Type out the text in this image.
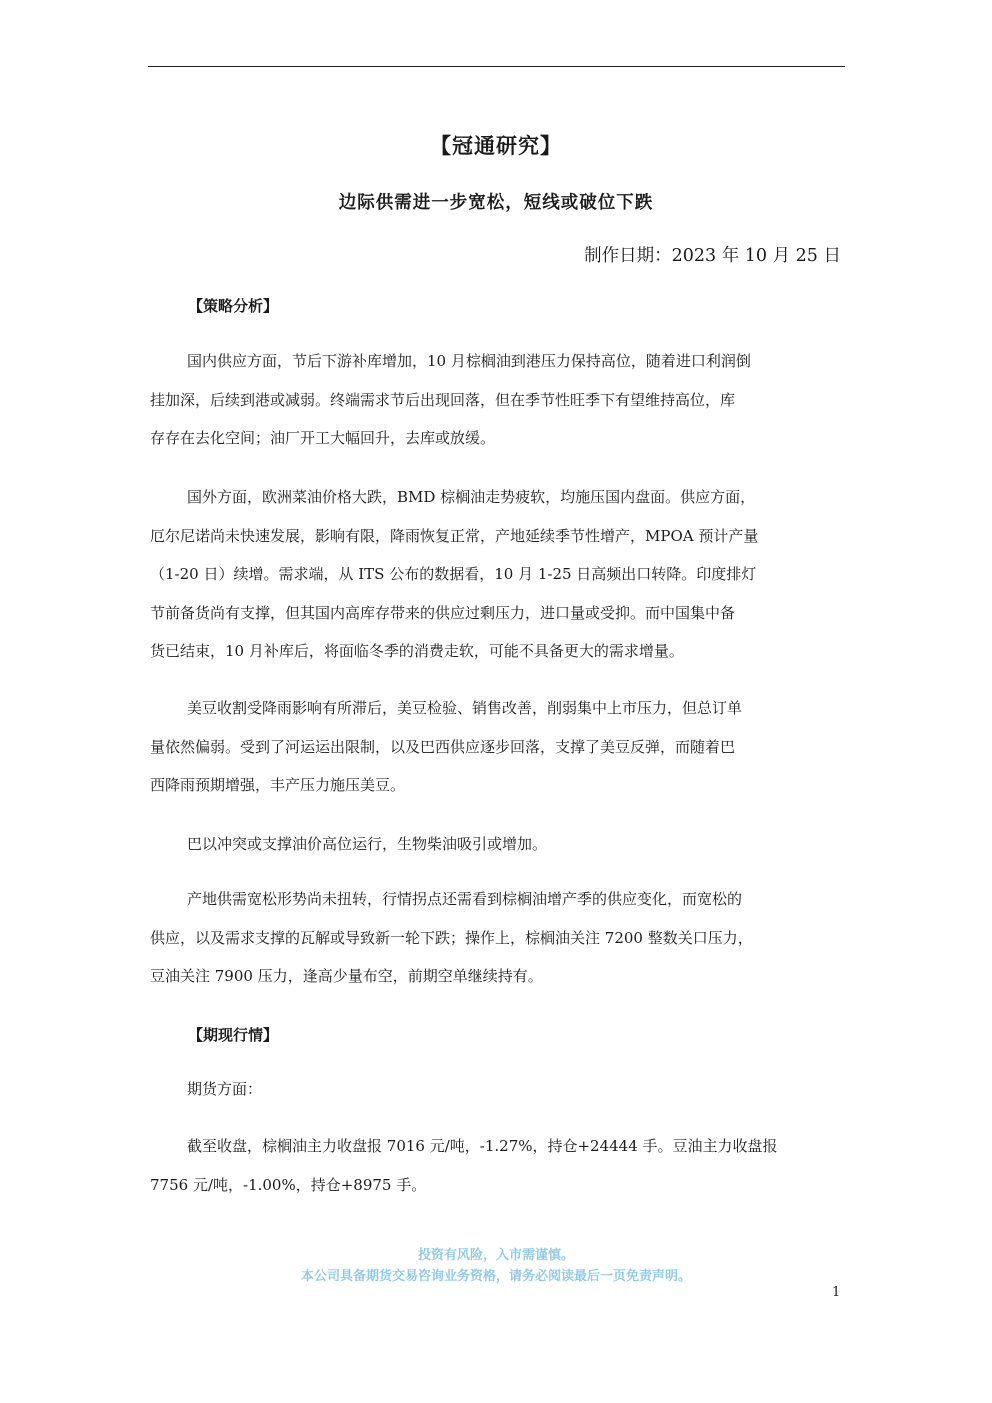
【冠通研究】
边际供需进一步宽松，短线或破位下跌
制作日期：2023 年 10 月 25 日
【策略分析】
国内供应方面，节后下游补库增加，10 月棕榈油到港压力保持高位，随着进口利润倒
挂加深，后续到港或减弱。终端需求节后出现回落，但在季节性旺季下有望维持高位，库
存存在去化空间；油厂开工大幅回升，去库或放缓。
国外方面，欧洲菜油价格大跌，BMD 棕榈油走势疲软，均施压国内盘面。供应方面，
厄尔尼诺尚未快速发展，影响有限，降雨恢复正常，产地延续季节性增产，MPOA 预计产量
（1-20 日）续增。需求端，从 ITS 公布的数据看，10 月 1-25 日高频出口转降。印度排灯
节前备货尚有支撑，但其国内高库存带来的供应过剩压力，进口量或受抑。而中国集中备
货已结束，10 月补库后，将面临冬季的消费走软，可能不具备更大的需求增量。
美豆收割受降雨影响有所滞后，美豆检验、销售改善，削弱集中上市压力，但总订单
量依然偏弱。受到了河运运出限制，以及巴西供应逐步回落，支撑了美豆反弹，而随着巴
西降雨预期增强，丰产压力施压美豆。
巴以冲突或支撑油价高位运行，生物柴油吸引或增加。
产地供需宽松形势尚未扭转，行情拐点还需看到棕榈油增产季的供应变化，而宽松的
供应，以及需求支撑的瓦解或导致新一轮下跌；操作上，棕榈油关注 7200 整数关口压力，
豆油关注 7900 压力，逢高少量布空，前期空单继续持有。
【期现行情】
期货方面：
截至收盘，棕榈油主力收盘报 7016 元/吨，-1.27%，持仓+24444 手。豆油主力收盘报
7756 元/吨，-1.00%，持仓+8975 手。
投资有风险，入市需谨慎。
本公司具备期货交易咨询业务资格，请务必阅读最后一页免责声明。
1
